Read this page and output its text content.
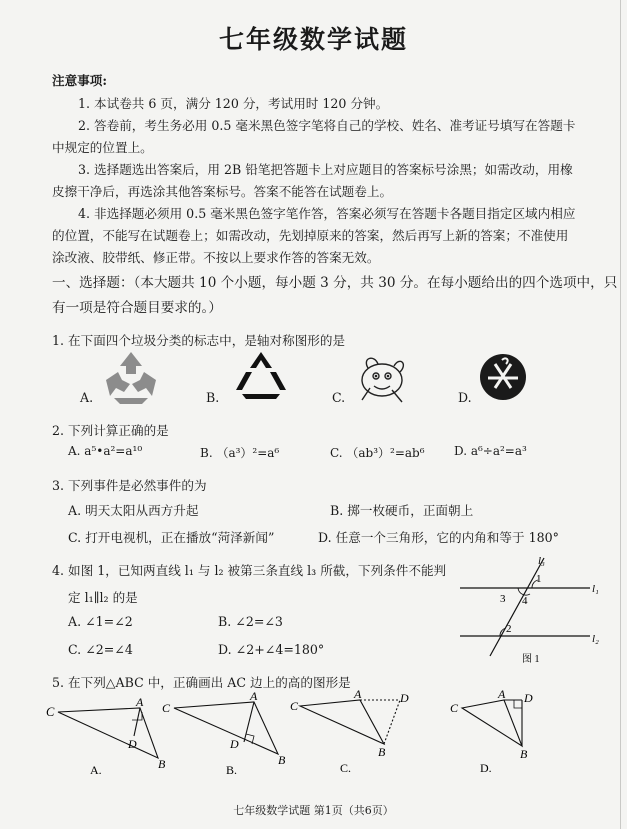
七年级数学试题
注意事项:
1. 本试卷共 6 页，满分 120 分，考试用时 120 分钟。
2. 答卷前，考生务必用 0.5 毫米黑色签字笔将自己的学校、姓名、准考证号填写在答题卡
中规定的位置上。
3. 选择题选出答案后，用 2B 铅笔把答题卡上对应题目的答案标号涂黑；如需改动，用橡
皮擦干净后，再选涂其他答案标号。答案不能答在试题卷上。
4. 非选择题必须用 0.5 毫米黑色签字笔作答，答案必须写在答题卡各题目指定区域内相应
的位置，不能写在试题卷上；如需改动，先划掉原来的答案，然后再写上新的答案；不准使用
涂改液、胶带纸、修正带。不按以上要求作答的答案无效。
一、选择题：（本大题共 10 个小题，每小题 3 分，共 30 分。在每小题给出的四个选项中，只
有一项是符合题目要求的。）
1. 在下面四个垃圾分类的标志中，是轴对称图形的是
A.	B.	C.	D.
2. 下列计算正确的是
A. a⁵•a²=a¹⁰	B. （a³）²=a⁶	C. （ab³）²=ab⁶ D. a⁶÷a²=a³
3. 下列事件是必然事件的为
A. 明天太阳从西方升起	B. 掷一枚硬币，正面朝上
C. 打开电视机，正在播放“菏泽新闻”	D. 任意一个三角形，它的内角和等于 180°
4. 如图 1，已知两直线 l₁ 与 l₂ 被第三条直线 l₃ 所截，下列条件不能判
定 l₁∥l₂ 的是
A. ∠1=∠2	B. ∠2=∠3
C. ∠2=∠4	D. ∠2+∠4=180°
l₃
l₁
l₂
1
2
3 4
图 1
5. 在下列△ABC 中，正确画出 AC 边上的高的图形是
C
A
D
B
A.
C
A
D
B
B.
C
A	D
B
C.
C
A D
B
D.
七年级数学试题 第1页（共6页）
